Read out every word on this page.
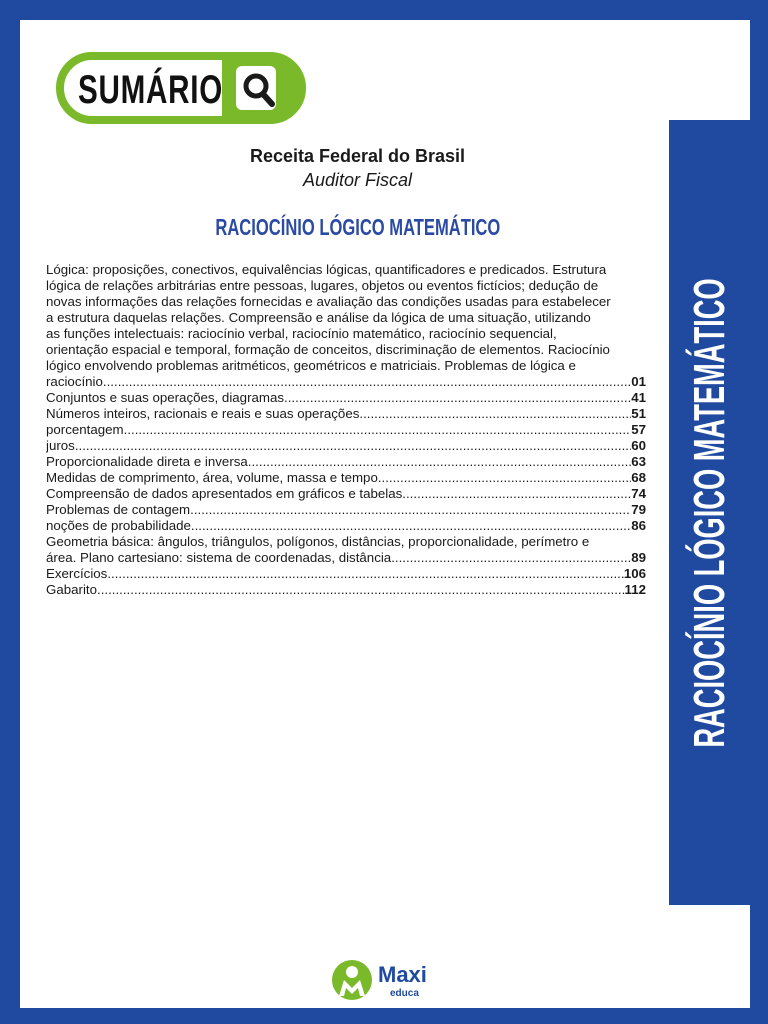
SUMÁRIO
Receita Federal do Brasil
Auditor Fiscal
RACIOCÍNIO LÓGICO MATEMÁTICO
Lógica: proposições, conectivos, equivalências lógicas, quantificadores e predicados. Estrutura
lógica de relações arbitrárias entre pessoas, lugares, objetos ou eventos fictícios; dedução de
novas informações das relações fornecidas e avaliação das condições usadas para estabelecer
a estrutura daquelas relações. Compreensão e análise da lógica de uma situação, utilizando
as funções intelectuais: raciocínio verbal, raciocínio matemático, raciocínio sequencial,
orientação espacial e temporal, formação de conceitos, discriminação de elementos. Raciocínio
lógico envolvendo problemas aritméticos, geométricos e matriciais. Problemas de lógica e
raciocínio .....	01
Conjuntos e suas operações, diagramas .....	41
Números inteiros, racionais e reais e suas operações .....	51
porcentagem .....	57
juros .....	60
Proporcionalidade direta e inversa .....	63
Medidas de comprimento, área, volume, massa e tempo .....	68
Compreensão de dados apresentados em gráficos e tabelas .....	74
Problemas de contagem .....	79
noções de probabilidade .....	86
Geometria básica: ângulos, triângulos, polígonos, distâncias, proporcionalidade, perímetro e
área. Plano cartesiano: sistema de coordenadas, distância .....	89
Exercícios .....	106
Gabarito .....	112 RACIOCÍNIO LÓGICO MATEMÁTICO
Maxi
educa
